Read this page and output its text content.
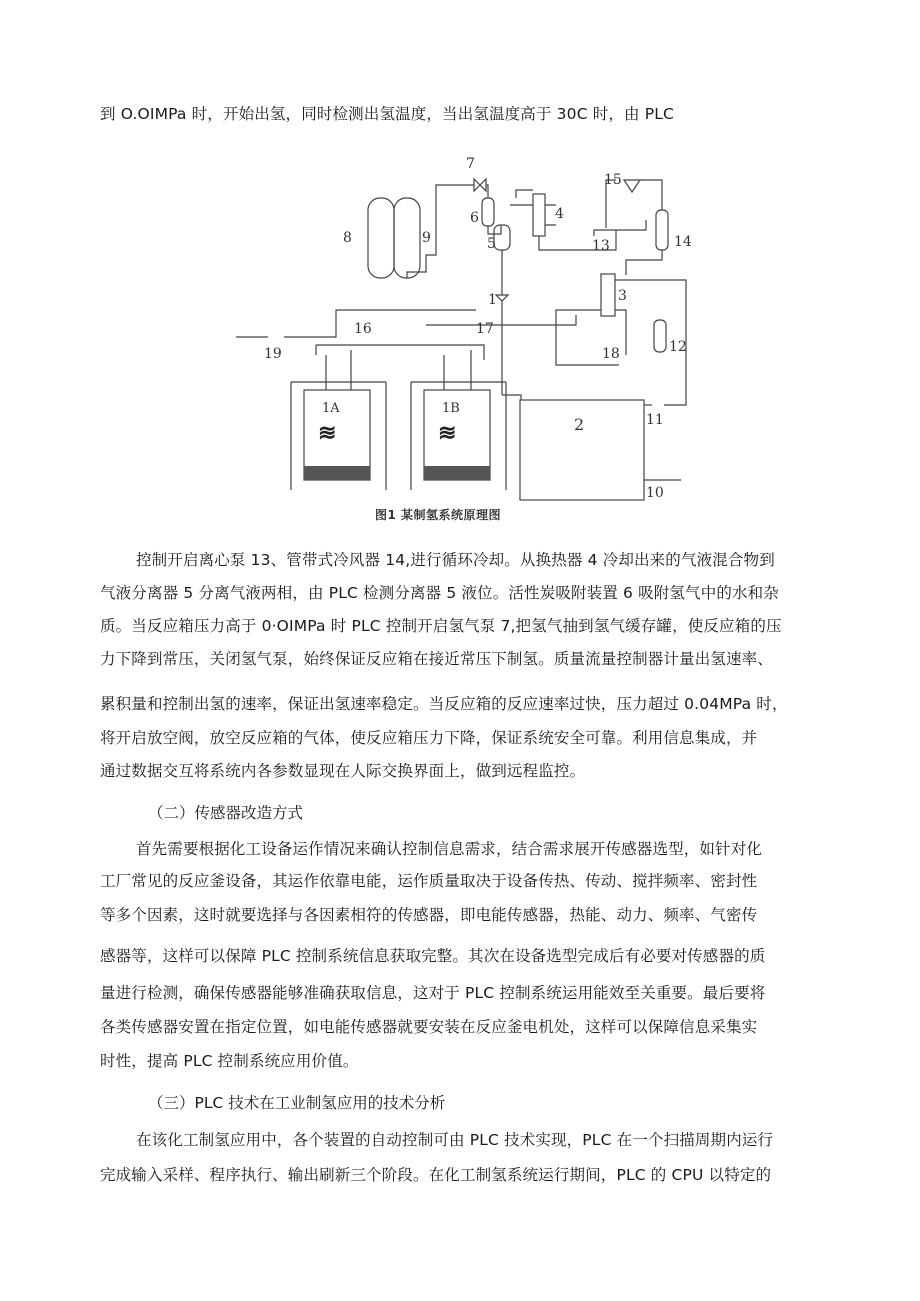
到 O.OIMPa 时，开始出氢，同时检测出氢温度，当出氢温度高于 30C 时，由 PLC
≋	≋
7
6
5
4
15
13	14
8	9
1	3
16	17
18	12
19
2	11
10
1A	1B
图1 某制氢系统原理图
控制开启离心泵 13、管带式冷风器 14,进行循环冷却。从换热器 4 冷却出来的气液混合物到
气液分离器 5 分离气液两相，由 PLC 检测分离器 5 液位。活性炭吸附装置 6 吸附氢气中的水和杂
质。当反应箱压力高于 0·OIMPa 时 PLC 控制开启氢气泵 7,把氢气抽到氢气缓存罐，使反应箱的压
力下降到常压，关闭氢气泵，始终保证反应箱在接近常压下制氢。质量流量控制器计量出氢速率、
累积量和控制出氢的速率，保证出氢速率稳定。当反应箱的反应速率过快，压力超过 0.04MPa 时，
将开启放空阀，放空反应箱的气体，使反应箱压力下降，保证系统安全可靠。利用信息集成，并
通过数据交互将系统内各参数显现在人际交换界面上，做到远程监控。
（二）传感器改造方式
首先需要根据化工设备运作情况来确认控制信息需求，结合需求展开传感器选型，如针对化
工厂常见的反应釜设备，其运作依靠电能，运作质量取决于设备传热、传动、搅拌频率、密封性
等多个因素，这时就要选择与各因素相符的传感器，即电能传感器，热能、动力、频率、气密传
感器等，这样可以保障 PLC 控制系统信息获取完整。其次在设备选型完成后有必要对传感器的质
量进行检测，确保传感器能够准确获取信息，这对于 PLC 控制系统运用能效至关重要。最后要将
各类传感器安置在指定位置，如电能传感器就要安装在反应釜电机处，这样可以保障信息采集实
时性，提高 PLC 控制系统应用价值。
（三）PLC 技术在工业制氢应用的技术分析
在该化工制氢应用中，各个装置的自动控制可由 PLC 技术实现，PLC 在一个扫描周期内运行
完成输入采样、程序执行、输出刷新三个阶段。在化工制氢系统运行期间，PLC 的 CPU 以特定的
